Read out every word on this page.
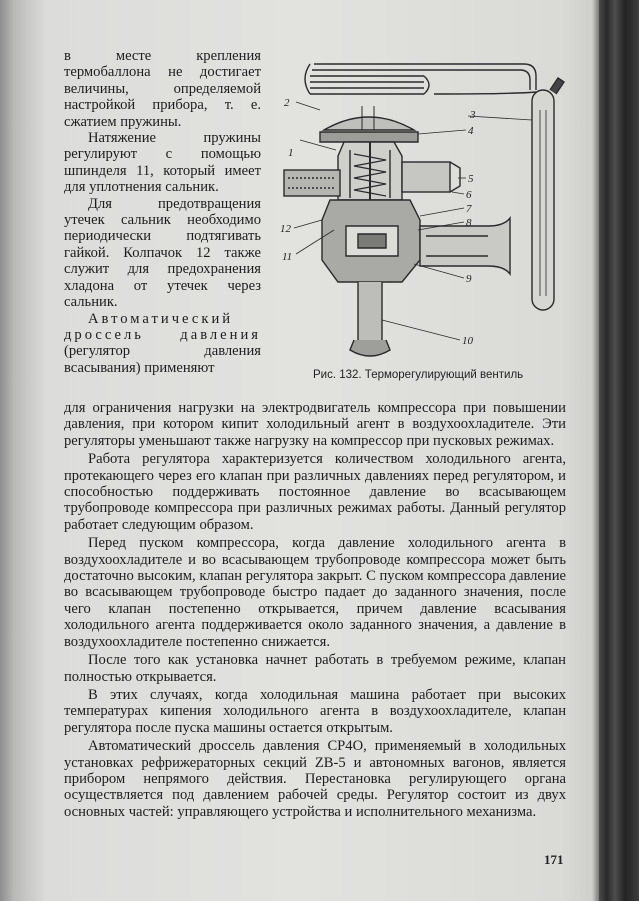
в месте крепления термобаллона не достигает величины, определяемой настройкой прибора, т. е. сжатием пружины.

Натяжение пружины регулируют с помощью шпинделя 11, который имеет для уплотнения сальник.

Для предотвращения утечек сальник необходимо периодически подтягивать гайкой. Колпачок 12 также служит для предохранения хладона от утечек через сальник.

Автоматический дроссель давления (регулятор давления всасывания) применяют

1
2
3
4
5
6
7
8
9
10
11
12
Рис. 132. Терморегулирующий вентиль

для ограничения нагрузки на электродвигатель компрессора при повышении давления, при котором кипит холодильный агент в воздухоохладителе. Эти регуляторы уменьшают также нагрузку на компрессор при пусковых режимах.

Работа регулятора характеризуется количеством холодильного агента, протекающего через его клапан при различных давлениях перед регулятором, и способностью поддерживать постоянное давление во всасывающем трубопроводе компрессора при различных режимах работы. Данный регулятор работает следующим образом.

Перед пуском компрессора, когда давление холодильного агента в воздухоохладителе и во всасывающем трубопроводе компрессора может быть достаточно высоким, клапан регулятора закрыт. С пуском компрессора давление во всасывающем трубопроводе быстро падает до заданного значения, после чего клапан постепенно открывается, причем давление всасывания холодильного агента поддерживается около заданного значения, а давление в воздухоохладителе постепенно снижается.

После того как установка начнет работать в требуемом режиме, клапан полностью открывается.

В этих случаях, когда холодильная машина работает при высоких температурах кипения холодильного агента в воздухоохладителе, клапан регулятора после пуска машины остается открытым.

Автоматический дроссель давления СР4О, применяемый в холодильных установках рефрижераторных секций ZB-5 и автономных вагонов, является прибором непрямого действия. Перестановка регулирующего органа осуществляется под давлением рабочей среды. Регулятор состоит из двух основных частей: управляющего устройства и исполнительного механизма.

171
